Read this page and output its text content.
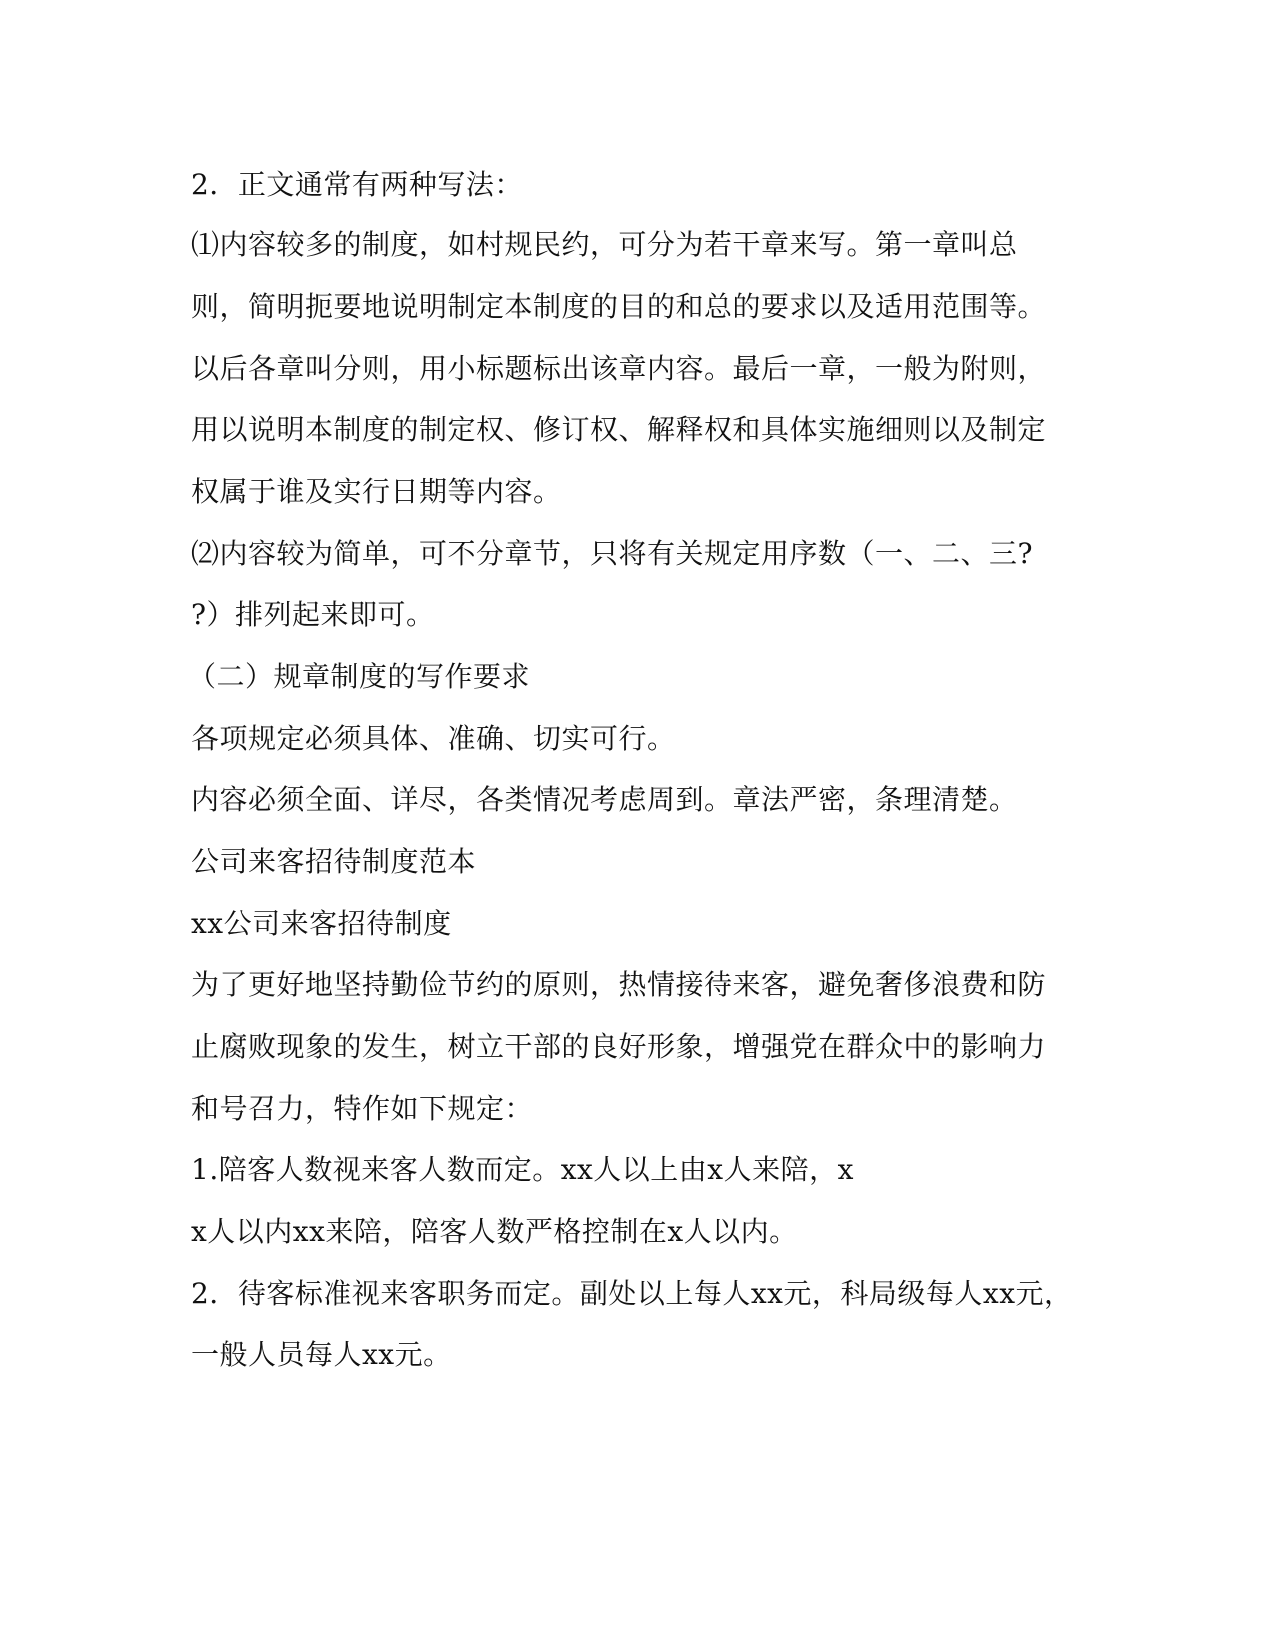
2．正文通常有两种写法：
⑴内容较多的制度，如村规民约，可分为若干章来写。第一章叫总
则，简明扼要地说明制定本制度的目的和总的要求以及适用范围等。
以后各章叫分则，用小标题标出该章内容。最后一章，一般为附则，
用以说明本制度的制定权、修订权、解释权和具体实施细则以及制定
权属于谁及实行日期等内容。
⑵内容较为简单，可不分章节，只将有关规定用序数（一、二、三?
?）排列起来即可。
（二）规章制度的写作要求
各项规定必须具体、准确、切实可行。
内容必须全面、详尽，各类情况考虑周到。章法严密，条理清楚。
公司来客招待制度范本
xx公司来客招待制度
为了更好地坚持勤俭节约的原则，热情接待来客，避免奢侈浪费和防
止腐败现象的发生，树立干部的良好形象，增强党在群众中的影响力
和号召力，特作如下规定：
1.陪客人数视来客人数而定。xx人以上由x人来陪，x
x人以内xx来陪，陪客人数严格控制在x人以内。
2．待客标准视来客职务而定。副处以上每人xx元，科局级每人xx元，
一般人员每人xx元。
